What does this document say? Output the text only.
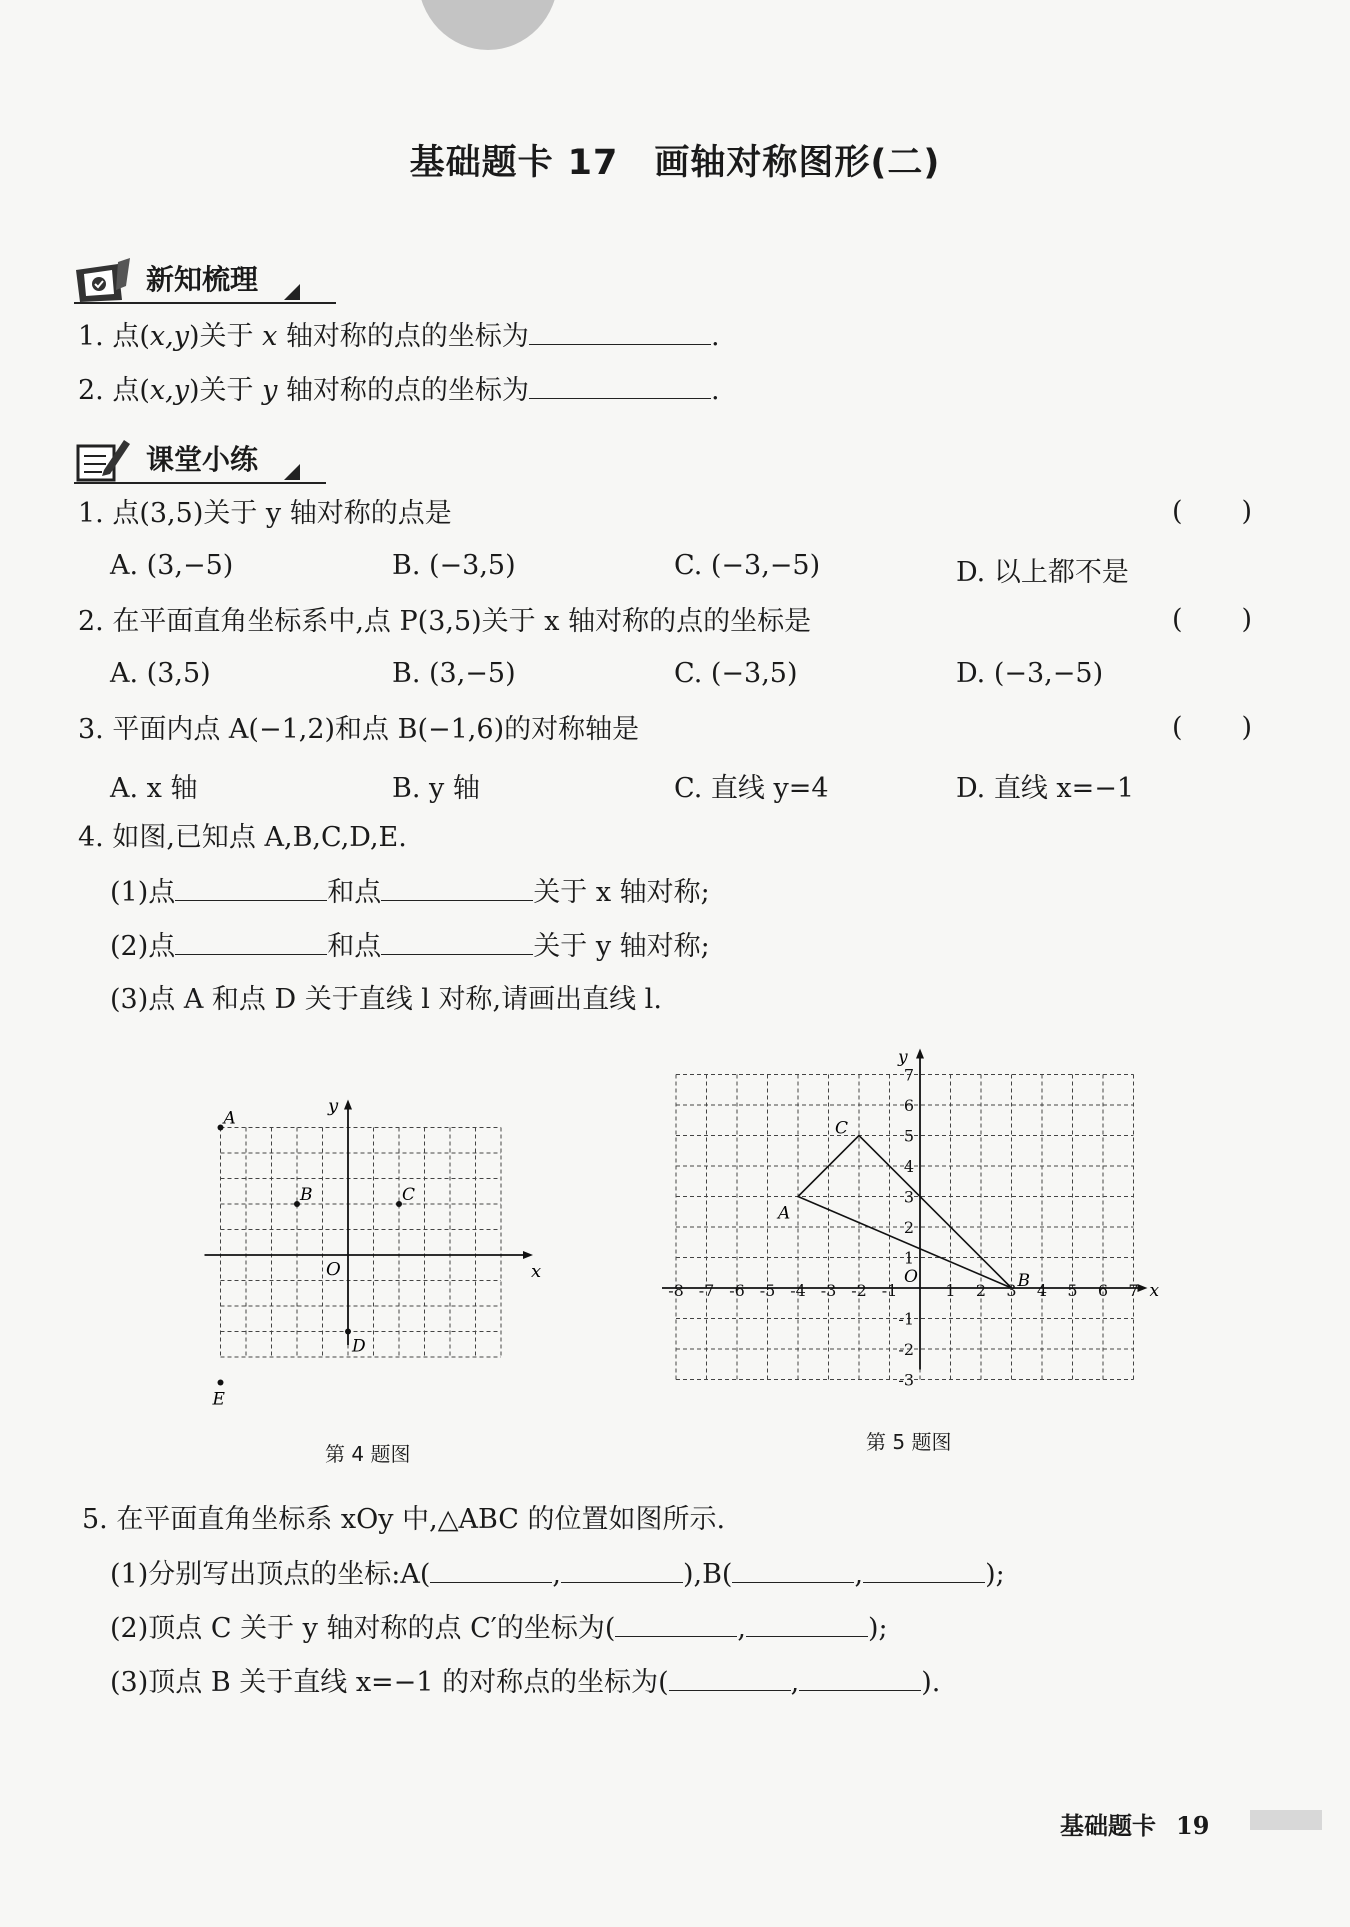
基础题卡 17 画轴对称图形(二)
新知梳理
1. 点(x,y)关于 x 轴对称的点的坐标为	.
2. 点(x,y)关于 y 轴对称的点的坐标为	.
课堂小练
1. 点(3,5)关于 y 轴对称的点是	( )
A. (3,−5)	B. (−3,5)	C. (−3,−5)	D. 以上都不是
2. 在平面直角坐标系中,点 P(3,5)关于 x 轴对称的点的坐标是	( )
A. (3,5)	B. (3,−5)	C. (−3,5)	D. (−3,−5)
3. 平面内点 A(−1,2)和点 B(−1,6)的对称轴是	( )
A. x 轴	B. y 轴	C. 直线 y=4	D. 直线 x=−1
4. 如图,已知点 A,B,C,D,E.
(1)点	和点	关于 x 轴对称;
(2)点	和点	关于 y 轴对称;
(3)点 A 和点 D 关于直线 l 对称,请画出直线 l.
x
y
O
A
B	C
D
E
第 4 题图
x
y
O
-8 -7 -6 -5 -4 -3 -2 -1	1 2 3 4 5 6 7
7
6
5
4
3
2
1
-1
-2
-3
A
B
C
第 5 题图
5. 在平面直角坐标系 xOy 中,△ABC 的位置如图所示.
(1)分别写出顶点的坐标:A(	,	),B(	,	);
(2)顶点 C 关于 y 轴对称的点 C′的坐标为(	,	);
(3)顶点 B 关于直线 x=−1 的对称点的坐标为(	,	).
基础题卡 19
